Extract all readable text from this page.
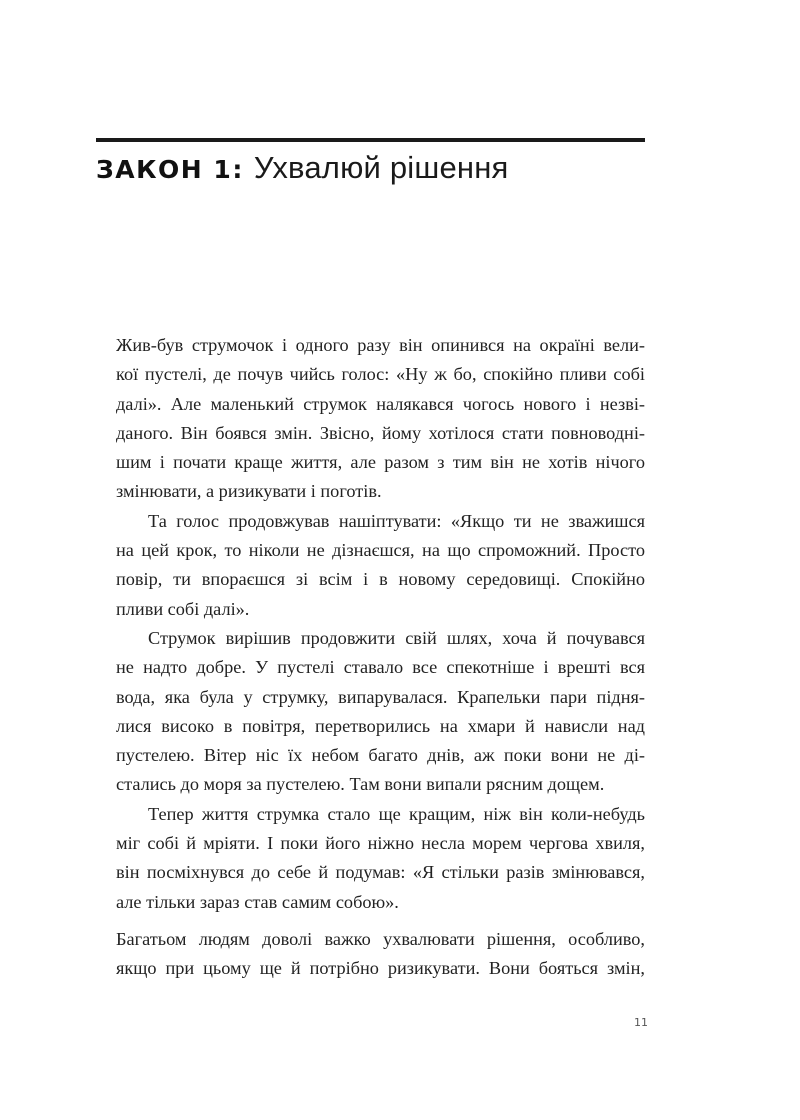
ЗАКОН 1: Ухвалюй рішення
Жив-був струмочок і одного разу він опинився на окраїні вели-
кої пустелі, де почув чийсь голос: «Ну ж бо, спокійно пливи собі
далі». Але маленький струмок налякався чогось нового і незві-
даного. Він боявся змін. Звісно, йому хотілося стати повноводні-
шим і почати краще життя, але разом з тим він не хотів нічого
змінювати, а ризикувати і поготів.
Та голос продовжував нашіптувати: «Якщо ти не зважишся
на цей крок, то ніколи не дізнаєшся, на що спроможний. Просто
повір, ти впораєшся зі всім і в новому середовищі. Спокійно
пливи собі далі».
Струмок вирішив продовжити свій шлях, хоча й почувався
не надто добре. У пустелі ставало все спекотніше і врешті вся
вода, яка була у струмку, випарувалася. Крапельки пари підня-
лися високо в повітря, перетворились на хмари й нависли над
пустелею. Вітер ніс їх небом багато днів, аж поки вони не ді-
стались до моря за пустелею. Там вони випали рясним дощем.
Тепер життя струмка стало ще кращим, ніж він коли-небудь
міг собі й мріяти. І поки його ніжно несла морем чергова хвиля,
він посміхнувся до себе й подумав: «Я стільки разів змінювався,
але тільки зараз став самим собою».
Багатьом людям доволі важко ухвалювати рішення, особливо,
якщо при цьому ще й потрібно ризикувати. Вони бояться змін,
11
